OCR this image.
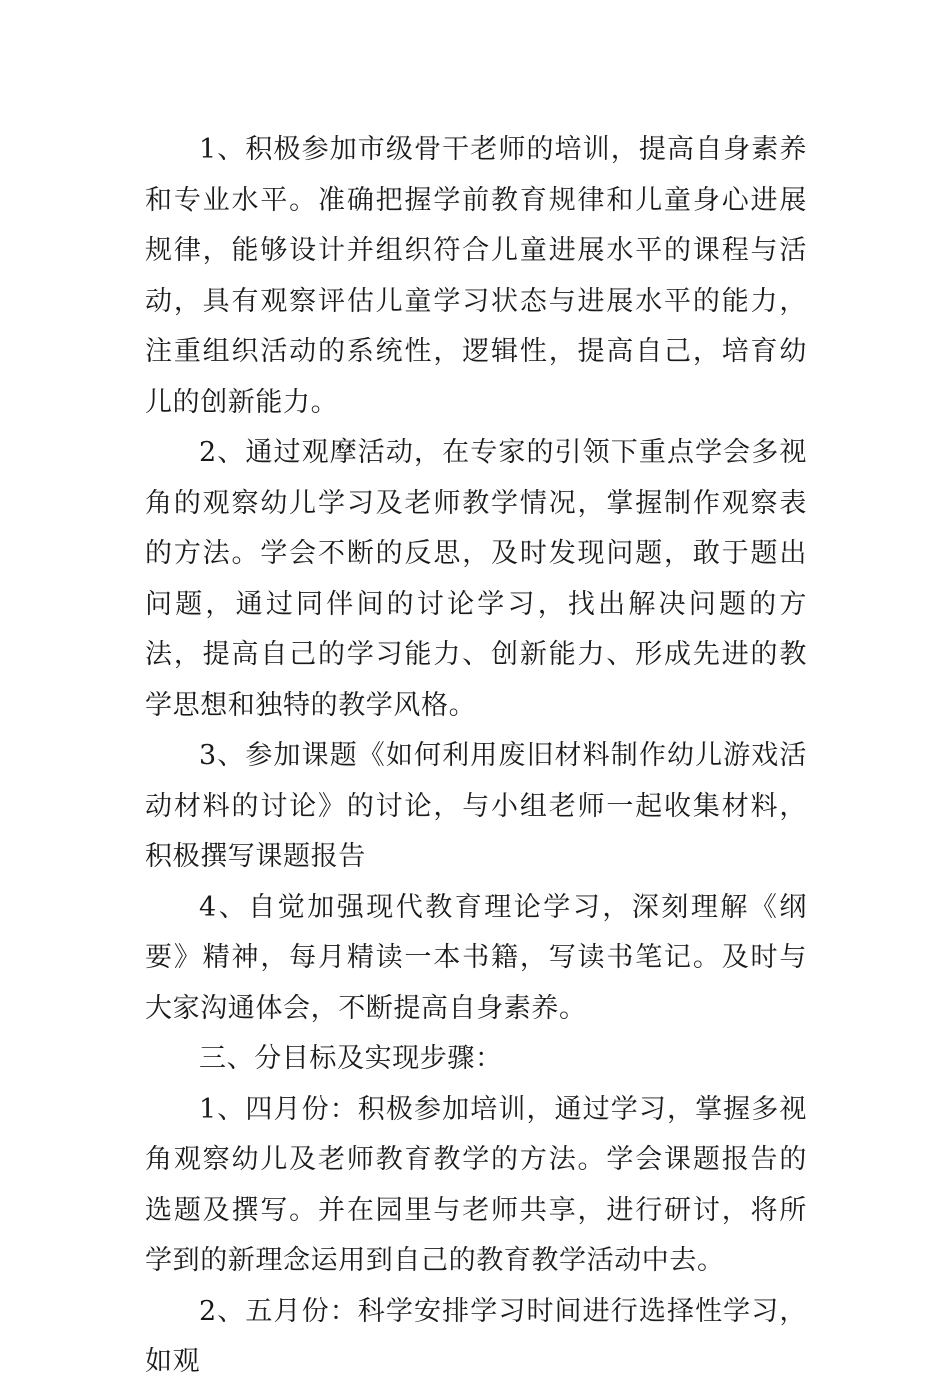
1、积极参加市级骨干老师的培训，提高自身素养和专业水平。准确把握学前教育规律和儿童身心进展规律，能够设计并组织符合儿童进展水平的课程与活动，具有观察评估儿童学习状态与进展水平的能力，注重组织活动的系统性，逻辑性，提高自己，培育幼儿的创新能力。

2、通过观摩活动，在专家的引领下重点学会多视角的观察幼儿学习及老师教学情况，掌握制作观察表的方法。学会不断的反思，及时发现问题，敢于题出问题，通过同伴间的讨论学习，找出解决问题的方法，提高自己的学习能力、创新能力、形成先进的教学思想和独特的教学风格。

3、参加课题《如何利用废旧材料制作幼儿游戏活动材料的讨论》的讨论，与小组老师一起收集材料，积极撰写课题报告

4、自觉加强现代教育理论学习，深刻理解《纲要》精神，每月精读一本书籍，写读书笔记。及时与大家沟通体会，不断提高自身素养。

三、分目标及实现步骤：

1、四月份：积极参加培训，通过学习，掌握多视角观察幼儿及老师教育教学的方法。学会课题报告的选题及撰写。并在园里与老师共享，进行研讨，将所学到的新理念运用到自己的教育教学活动中去。

2、五月份：科学安排学习时间进行选择性学习，如观
